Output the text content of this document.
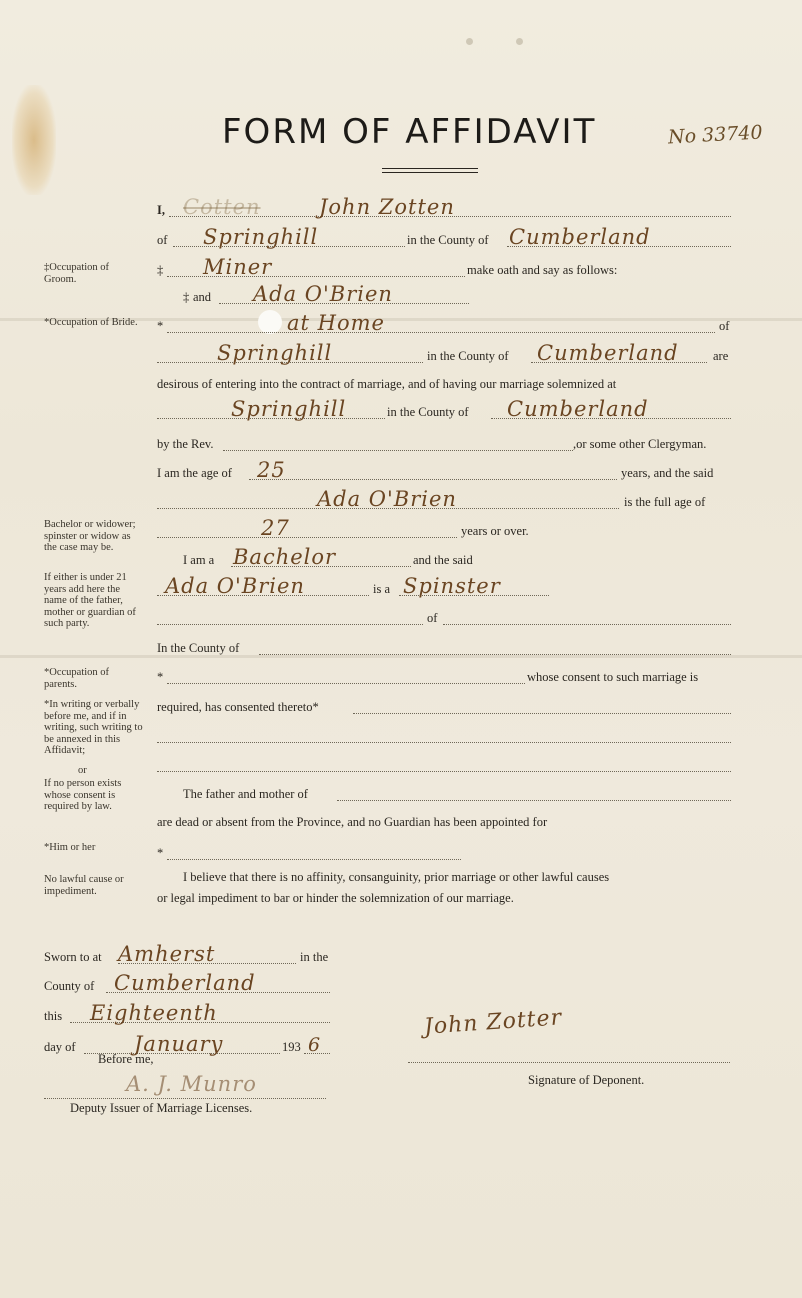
FORM OF AFFIDAVIT	No 33740
‡Occupation of Groom.
*Occupation of Bride.
Bachelor or widower; spinster or widow as the case may be.
If either is under 21 years add here the name of the father, mother or guardian of such party.
*Occupation of parents.
*In writing or verbally before me, and if in writing, such writing to be annexed in this Affidavit;
or
If no person exists whose consent is required by law.
*Him or her
No lawful cause or impediment.
I, Cotten	John Zotten
of Springhill	in the County of Cumberland
‡ Miner	make oath and say as follows:
‡ and Ada O'Brien
*	at Home	of
Springhill	in the County of Cumberland	are
desirous of entering into the contract of marriage, and of having our marriage solemnized at
Springhill	in the County of Cumberland
by the Rev.	,or some other Clergyman.
I am the age of 25	years, and the said
Ada O'Brien	is the full age of
27	years or over.
I am a Bachelor	and the said
Ada O'Brien	is a Spinster
of
In the County of
*	whose consent to such marriage is
required, has consented thereto*
The father and mother of
are dead or absent from the Province, and no Guardian has been appointed for
*
I believe that there is no affinity, consanguinity, prior marriage or other lawful causes
or legal impediment to bar or hinder the solemnization of our marriage.
Sworn to at Amherst	in the
County of Cumberland
this Eighteenth
day of	January	193 6
Before me,
A. J. Munro
Deputy Issuer of Marriage Licenses.
John Zotter
Signature of Deponent.
